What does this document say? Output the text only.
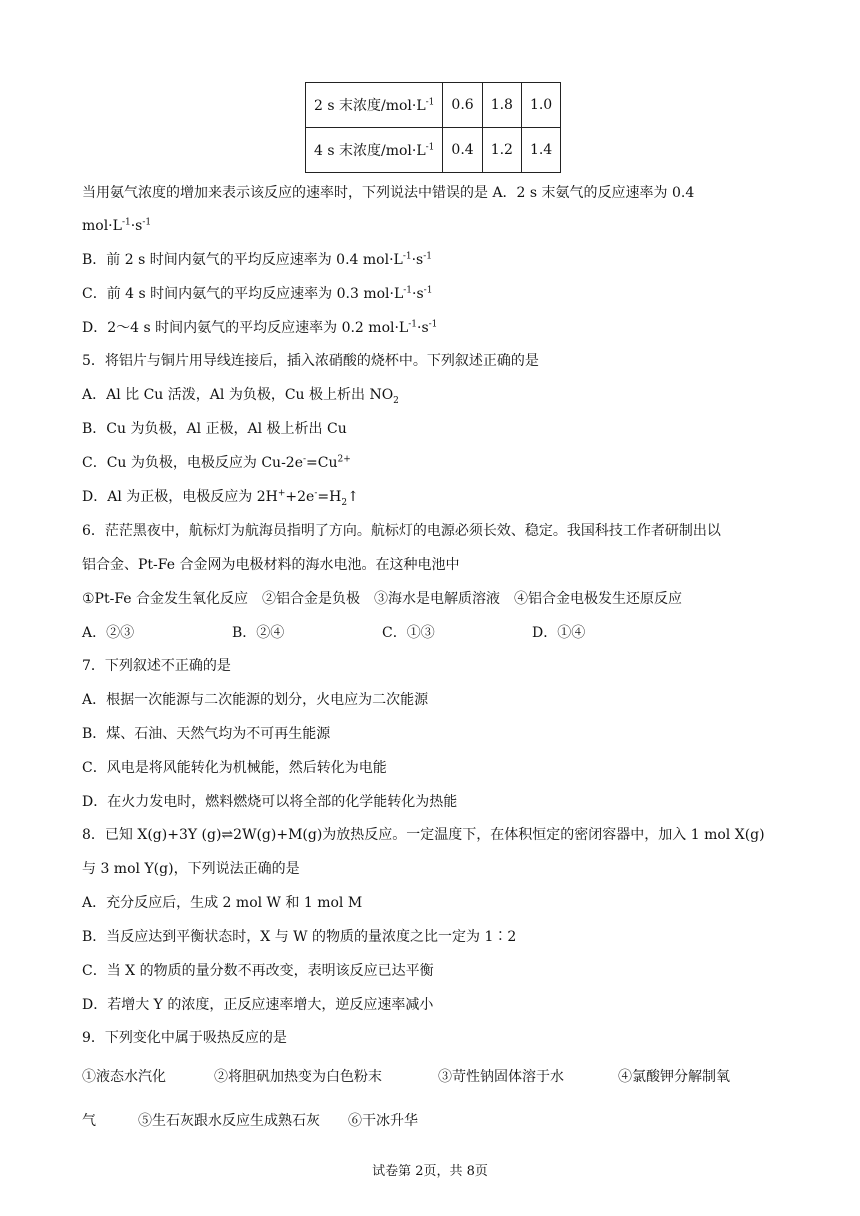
2 s 末浓度$/mol\cdot L^{-1}$	0.6	1.8	1.0
4 s 末浓度$/mol\cdot L^{-1}$	0.4	1.2	1.4
当用氨气浓度的增加来表示该反应的速率时，下列说法中错误的是 A．2 s 末氨气的反应速率为 0.4
$mol\cdot L^{-1}\cdot s^{-1}$
B．前 2 s 时间内氨气的平均反应速率为 0.4 $mol\cdot L^{-1}\cdot s^{-1}$
C．前 4 s 时间内氨气的平均反应速率为 0.3 $mol\cdot L^{-1}\cdot s^{-1}$
D．2～4 s 时间内氨气的平均反应速率为 0.2 $mol\cdot L^{-1}\cdot s^{-1}$
5．将铝片与铜片用导线连接后，插入浓硝酸的烧杯中。下列叙述正确的是
A．Al 比 Cu 活泼，Al 为负极，Cu 极上析出 $NO_2$
B．Cu 为负极，Al 正极，Al 极上析出 Cu
C．Cu 为负极，电极反应为 $Cu-2e^-=Cu^{2+}$
D．Al 为正极，电极反应为 $2H^++2e^-=H_2↑$
6．茫茫黑夜中，航标灯为航海员指明了方向。航标灯的电源必须长效、稳定。我国科技工作者研制出以
铝合金、Pt-Fe 合金网为电极材料的海水电池。在这种电池中
①Pt-Fe 合金发生氧化反应　②铝合金是负极　③海水是电解质溶液　④铝合金电极发生还原反应
A．②③	B．②④	C．①③	D．①④
7．下列叙述不正确的是
A．根据一次能源与二次能源的划分，火电应为二次能源
B．煤、石油、天然气均为不可再生能源
C．风电是将风能转化为机械能，然后转化为电能
D．在火力发电时，燃料燃烧可以将全部的化学能转化为热能
8．已知 X(g)+3Y (g)⇌2W(g)+M(g)为放热反应。一定温度下，在体积恒定的密闭容器中，加入 1 mol X(g)
与 3 mol Y(g)，下列说法正确的是
A．充分反应后，生成 2 mol W 和 1 mol M
B．当反应达到平衡状态时，X 与 W 的物质的量浓度之比一定为 1∶2
C．当 X 的物质的量分数不再改变，表明该反应已达平衡
D．若增大 Y 的浓度，正反应速率增大，逆反应速率减小
9．下列变化中属于吸热反应的是
①液态水汽化	②将胆矾加热变为白色粉末	③苛性钠固体溶于水	④氯酸钾分解制氧
气	⑤生石灰跟水反应生成熟石灰 ⑥干冰升华
试卷第 2页，共 8页
